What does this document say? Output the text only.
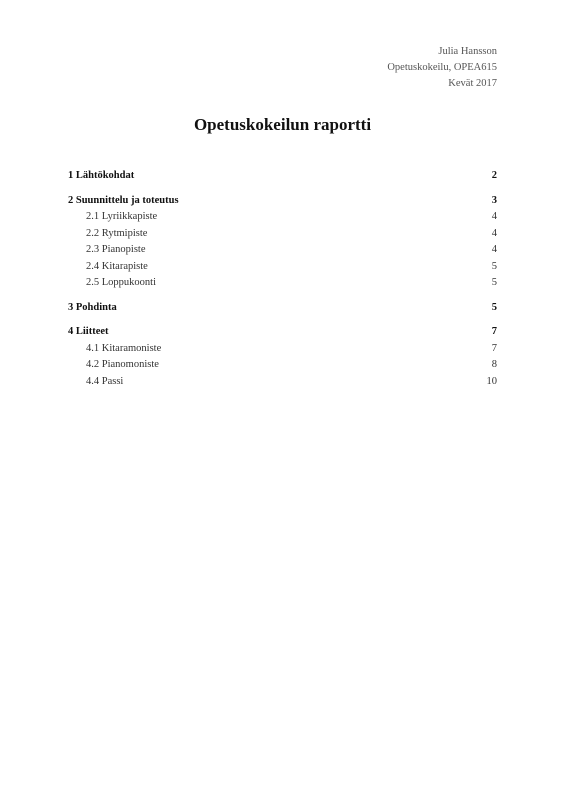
Julia Hansson
Opetuskokeilu, OPEA615
Kevät 2017
Opetuskokeilun raportti
1 Lähtökohdat	2
2 Suunnittelu ja toteutus	3
2.1 Lyriikkapiste	4
2.2 Rytmipiste	4
2.3 Pianopiste	4
2.4 Kitarapiste	5
2.5 Loppukoonti	5
3 Pohdinta	5
4 Liitteet	7
4.1 Kitaramoniste	7
4.2 Pianomoniste	8
4.4 Passi	10
